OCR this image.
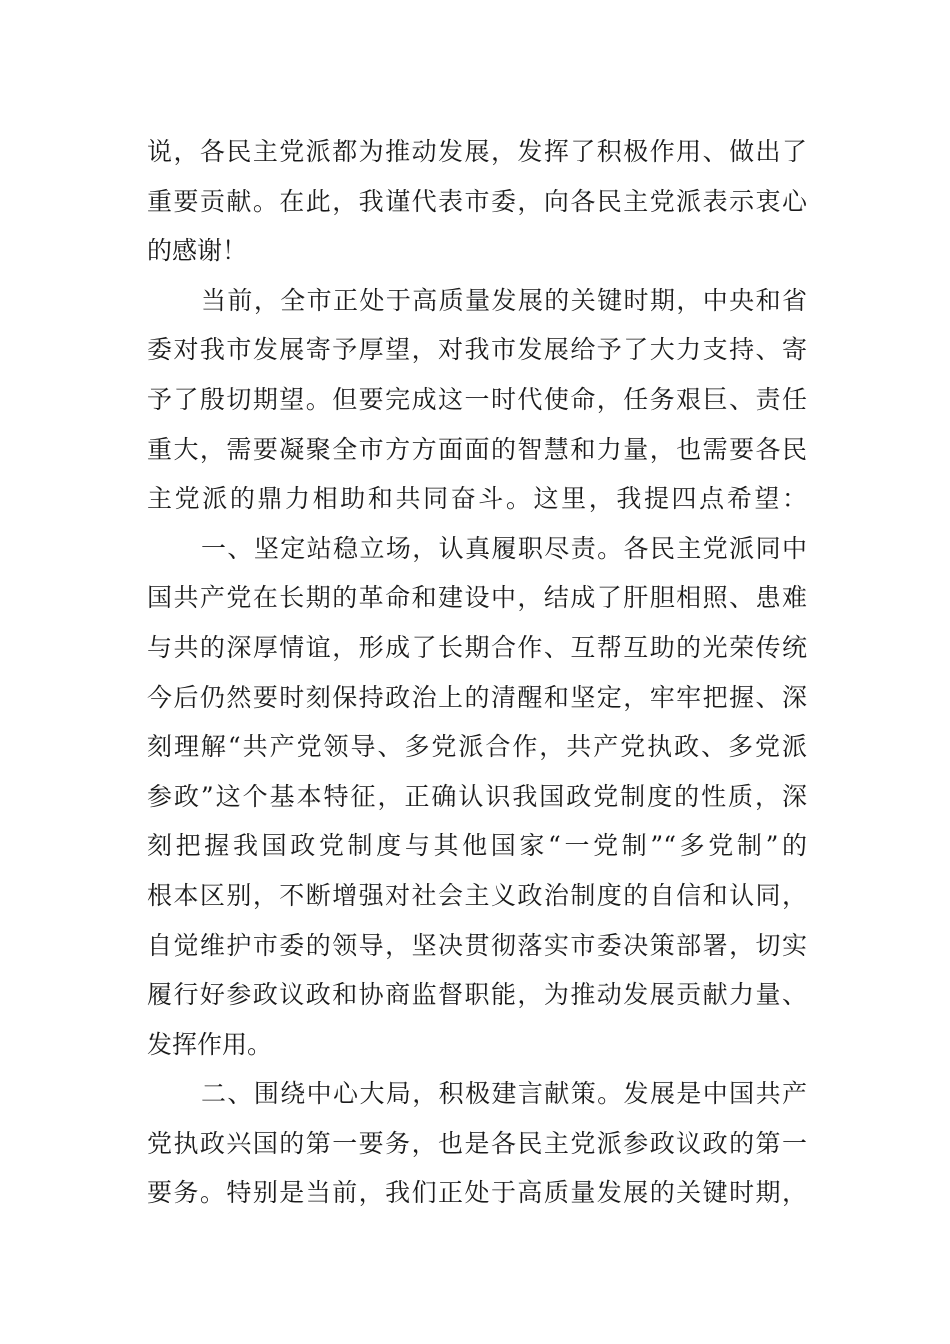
说，各民主党派都为推动发展，发挥了积极作用、做出了
重要贡献。在此，我谨代表市委，向各民主党派表示衷心
的感谢！
当前，全市正处于高质量发展的关键时期，中央和省
委对我市发展寄予厚望，对我市发展给予了大力支持、寄
予了殷切期望。但要完成这一时代使命，任务艰巨、责任
重大，需要凝聚全市方方面面的智慧和力量，也需要各民
主党派的鼎力相助和共同奋斗。这里，我提四点希望：
一、坚定站稳立场，认真履职尽责。各民主党派同中
国共产党在长期的革命和建设中，结成了肝胆相照、患难
与共的深厚情谊，形成了长期合作、互帮互助的光荣传统
今后仍然要时刻保持政治上的清醒和坚定，牢牢把握、深
刻理解“共产党领导、多党派合作，共产党执政、多党派
参政”这个基本特征，正确认识我国政党制度的性质，深
刻把握我国政党制度与其他国家“一党制”“多党制”的
根本区别，不断增强对社会主义政治制度的自信和认同，
自觉维护市委的领导，坚决贯彻落实市委决策部署，切实
履行好参政议政和协商监督职能，为推动发展贡献力量、
发挥作用。
二、围绕中心大局，积极建言献策。发展是中国共产
党执政兴国的第一要务，也是各民主党派参政议政的第一
要务。特别是当前，我们正处于高质量发展的关键时期，
